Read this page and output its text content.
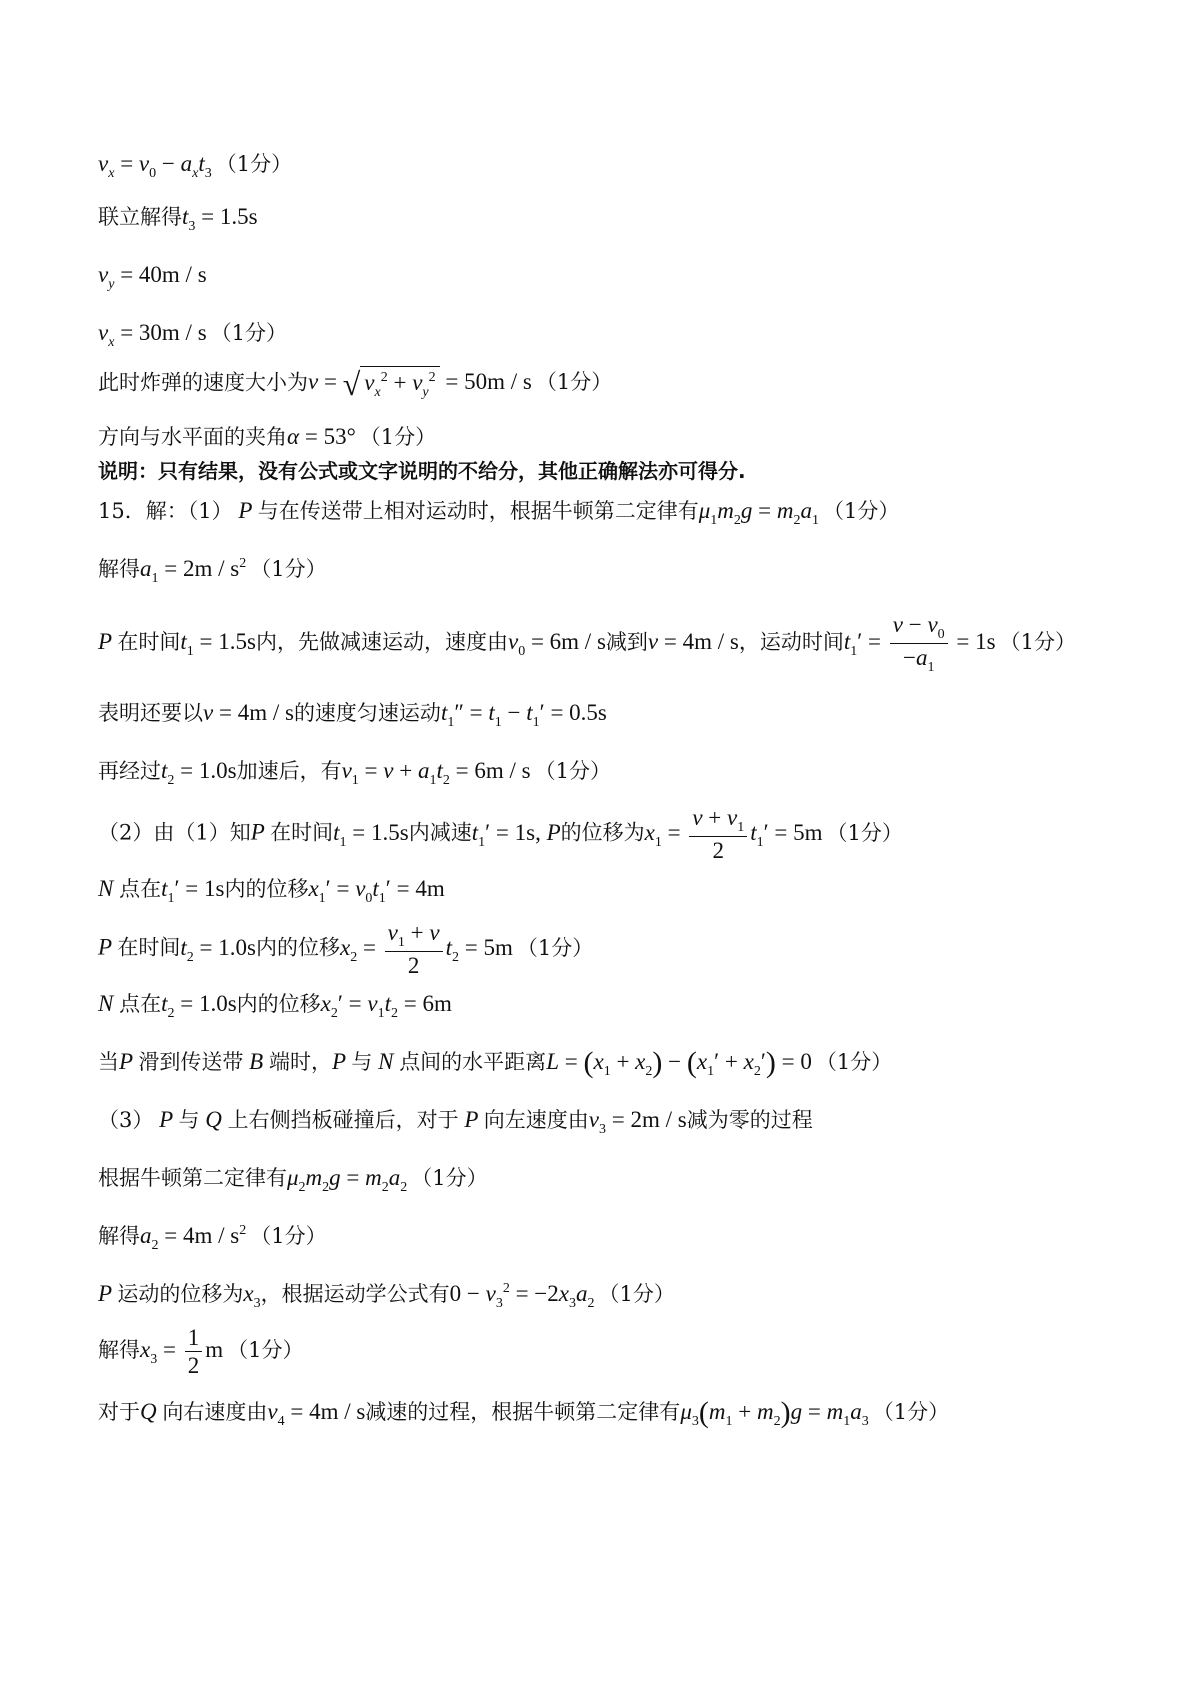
$v_x = v_0 - a_xt_3$ （1分）
联立解得$t_3 = 1.5s$
$v_y = 40m / s$
$v_x = 30m / s$ （1分）
此时炸弹的速度大小为v = √ $v_x^2 + v_y^2 = 50m / s$ （1分）
方向与水平面的夹角α = 53° （1分）
说明：只有结果，没有公式或文字说明的不给分，其他正确解法亦可得分.
15．解：（1） P 与在传送带上相对运动时，根据牛顿第二定律有$\mu_1m_2g = m_2a_1$ （1分）
解得$a_1 = 2m / s^2$ （1分）
P 在时间$t_1 = 1.5s$内，先做减速运动，速度由$v_0 = 6m / s$减到v = 4m / s，运动时间$t_1' = \frac{v - v_0}{-a_1} = 1s$ （1分）
表明还要以v = 4m / s的速度匀速运动$t_1'' = t_1 - t_1' = 0.5s$
再经过$t_2 = 1.0s$加速后，有$v_1 = v + a_1t_2 = 6m / s$ （1分）
（2）由（1）知P 在时间$t_1 = 1.5s$内减速$t_1' = 1s$, P的位移为$x_1 = \frac{v + v_1}{2} t_1' = 5m$ （1分）
N 点在$t_1' = 1s$内的位移$x_1' = v_0t_1' = 4m$
P 在时间$t_2 = 1.0s$内的位移$x_2 = \frac{v_1 + v}{2} t_2 = 5m$ （1分）
N 点在$t_2 = 1.0s$内的位移$x_2' = v_1t_2 = 6m$
当P 滑到传送带 B 端时，P 与 N 点间的水平距离$L = (x_1 + x_2) - (x_1' + x_2') = 0$ （1分）
（3） P 与 Q 上右侧挡板碰撞后，对于 P 向左速度由$v_3 = 2m / s$减为零的过程
根据牛顿第二定律有$\mu_2m_2g = m_2a_2$ （1分）
解得$a_2 = 4m / s^2$ （1分）
P 运动的位移为$x_3$，根据运动学公式有$0 - v_3^2 = -2x_3a_2$ （1分）
解得$x_3 = \frac{1}{2}$ m （1分）
对于Q 向右速度由$v_4 = 4m / s$减速的过程，根据牛顿第二定律有$\mu_3(m_1 + m_2)g = m_1a_3$ （1分）
